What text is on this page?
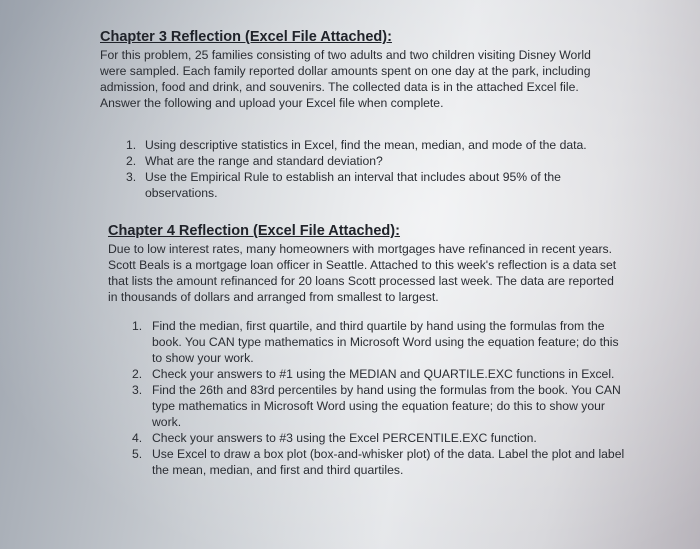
Chapter 3 Reflection (Excel File Attached):
For this problem, 25 families consisting of two adults and two children visiting Disney World
were sampled. Each family reported dollar amounts spent on one day at the park, including
admission, food and drink, and souvenirs. The collected data is in the attached Excel file.
Answer the following and upload your Excel file when complete.
1. Using descriptive statistics in Excel, find the mean, median, and mode of the data.
2. What are the range and standard deviation?
3. Use the Empirical Rule to establish an interval that includes about 95% of the
observations.
Chapter 4 Reflection (Excel File Attached):
Due to low interest rates, many homeowners with mortgages have refinanced in recent years.
Scott Beals is a mortgage loan officer in Seattle. Attached to this week's reflection is a data set
that lists the amount refinanced for 20 loans Scott processed last week. The data are reported
in thousands of dollars and arranged from smallest to largest.
1. Find the median, first quartile, and third quartile by hand using the formulas from the
book. You CAN type mathematics in Microsoft Word using the equation feature; do this
to show your work.
2. Check your answers to #1 using the MEDIAN and QUARTILE.EXC functions in Excel.
3. Find the 26th and 83rd percentiles by hand using the formulas from the book. You CAN
type mathematics in Microsoft Word using the equation feature; do this to show your
work.
4. Check your answers to #3 using the Excel PERCENTILE.EXC function.
5. Use Excel to draw a box plot (box-and-whisker plot) of the data. Label the plot and label
the mean, median, and first and third quartiles.
